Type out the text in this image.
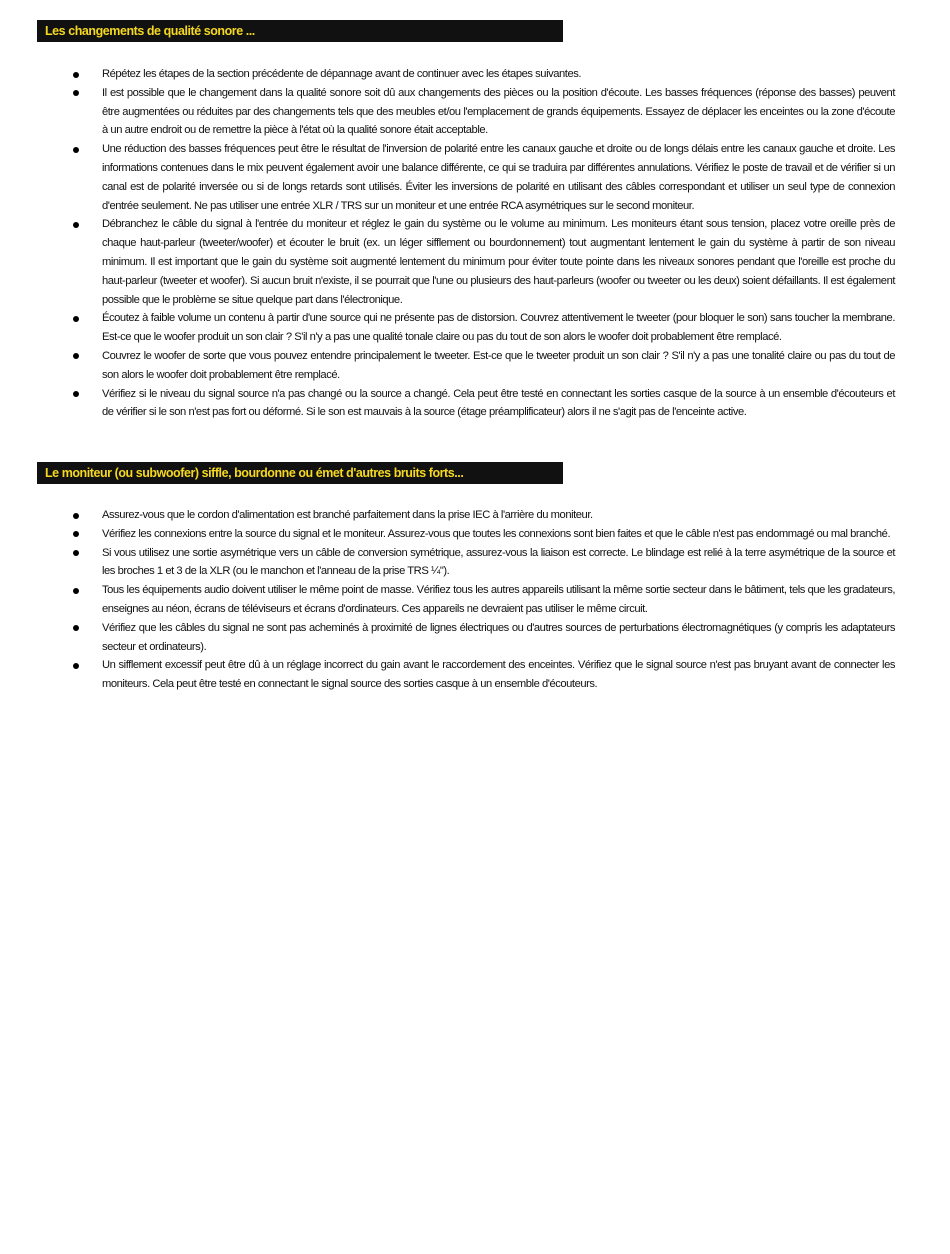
Les changements de qualité sonore ...
Répétez les étapes de la section précédente de dépannage avant de continuer avec les étapes suivantes.
Il est possible que le changement dans la qualité sonore soit dû aux changements des pièces ou la position d'écoute. Les basses fréquences (réponse des basses) peuvent être augmentées ou réduites par des changements tels que des meubles et/ou l'emplacement de grands équipements. Essayez de déplacer les enceintes ou la zone d'écoute à un autre endroit ou de remettre la pièce à l'état où la qualité sonore était acceptable.
Une réduction des basses fréquences peut être le résultat de l'inversion de polarité entre les canaux gauche et droite ou de longs délais entre les canaux gauche et droite. Les informations contenues dans le mix peuvent également avoir une balance différente, ce qui se traduira par différentes annulations. Vérifiez le poste de travail et de vérifier si un canal est de polarité inversée ou si de longs retards sont utilisés. Éviter les inversions de polarité en utilisant des câbles correspondant et utiliser un seul type de connexion d'entrée seulement. Ne pas utiliser une entrée XLR / TRS sur un moniteur et une entrée RCA asymétriques sur le second moniteur.
Débranchez le câble du signal à l'entrée du moniteur et réglez le gain du système ou le volume au minimum. Les moniteurs étant sous tension, placez votre oreille près de chaque haut-parleur (tweeter/woofer) et écouter le bruit (ex. un léger sifflement ou bourdonnement) tout augmentant lentement le gain du système à partir de son niveau minimum. Il est important que le gain du système soit augmenté lentement du minimum pour éviter toute pointe dans les niveaux sonores pendant que l'oreille est proche du haut-parleur (tweeter et woofer). Si aucun bruit n'existe, il se pourrait que l'une ou plusieurs des haut-parleurs (woofer ou tweeter ou les deux) soient défaillants. Il est également possible que le problème se situe quelque part dans l'électronique.
Écoutez à faible volume un contenu à partir d'une source qui ne présente pas de distorsion. Couvrez attentivement le tweeter (pour bloquer le son) sans toucher la membrane. Est-ce que le woofer produit un son clair ? S'il n'y a pas une qualité tonale claire ou pas du tout de son alors le woofer doit probablement être remplacé.
Couvrez le woofer de sorte que vous pouvez entendre principalement le tweeter. Est-ce que le tweeter produit un son clair ? S'il n'y a pas une tonalité claire ou pas du tout de son alors le woofer doit probablement être remplacé.
Vérifiez si le niveau du signal source n'a pas changé ou la source a changé. Cela peut être testé en connectant les sorties casque de la source à un ensemble d'écouteurs et de vérifier si le son n'est pas fort ou déformé. Si le son est mauvais à la source (étage préamplificateur) alors il ne s'agit pas de l'enceinte active.
Le moniteur (ou subwoofer) siffle, bourdonne ou émet d'autres bruits forts...
Assurez-vous que le cordon d'alimentation est branché parfaitement dans la prise IEC à l'arrière du moniteur.
Vérifiez les connexions entre la source du signal et le moniteur. Assurez-vous que toutes les connexions sont bien faites et que le câble n'est pas endommagé ou mal branché.
Si vous utilisez une sortie asymétrique vers un câble de conversion symétrique, assurez-vous la liaison est correcte. Le blindage est relié à la terre asymétrique de la source et les broches 1 et 3 de la XLR (ou le manchon et l'anneau de la prise TRS ¼").
Tous les équipements audio doivent utiliser le même point de masse. Vérifiez tous les autres appareils utilisant la même sortie secteur dans le bâtiment, tels que les gradateurs, enseignes au néon, écrans de téléviseurs et écrans d'ordinateurs. Ces appareils ne devraient pas utiliser le même circuit.
Vérifiez que les câbles du signal ne sont pas acheminés à proximité de lignes électriques ou d'autres sources de perturbations électromagnétiques (y compris les adaptateurs secteur et ordinateurs).
Un sifflement excessif peut être dû à un réglage incorrect du gain avant le raccordement des enceintes. Vérifiez que le signal source n'est pas bruyant avant de connecter les moniteurs. Cela peut être testé en connectant le signal source des sorties casque à un ensemble d'écouteurs.
